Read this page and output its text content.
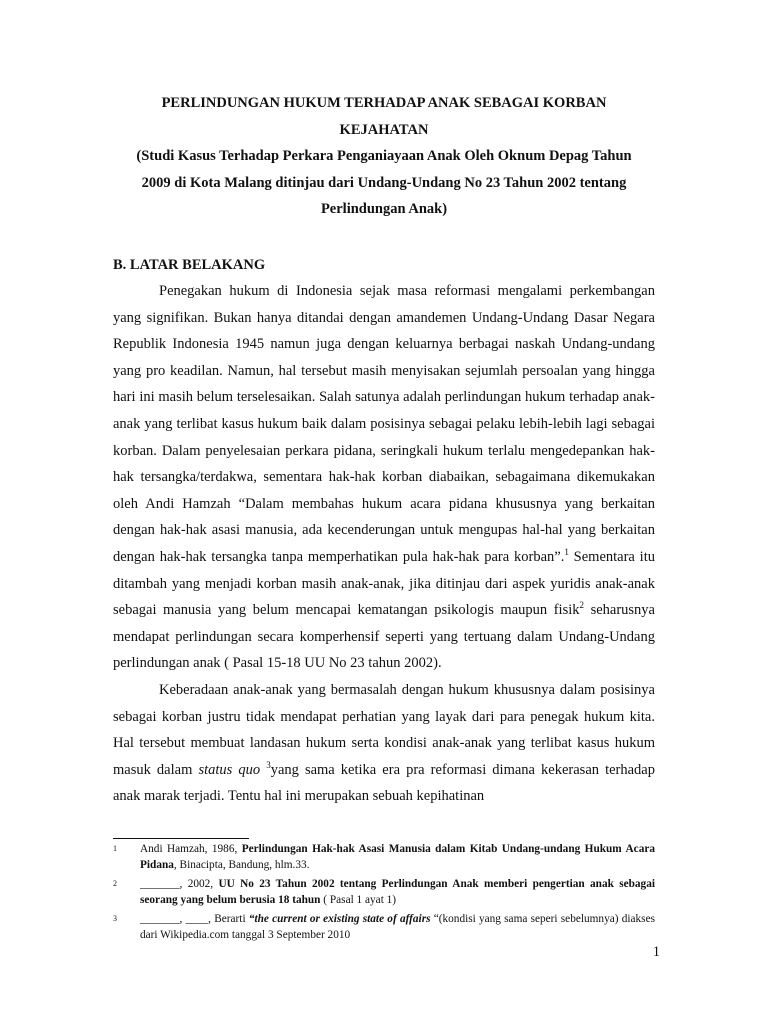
PERLINDUNGAN HUKUM TERHADAP ANAK SEBAGAI KORBAN
KEJAHATAN
(Studi Kasus Terhadap Perkara Penganiayaan Anak Oleh Oknum Depag Tahun
2009 di Kota Malang ditinjau dari Undang-Undang No 23 Tahun 2002 tentang
Perlindungan Anak)
B. LATAR BELAKANG

Penegakan hukum di Indonesia sejak masa reformasi mengalami perkembangan yang signifikan. Bukan hanya ditandai dengan amandemen Undang-Undang Dasar Negara Republik Indonesia 1945 namun juga dengan keluarnya berbagai naskah Undang-undang yang pro keadilan. Namun, hal tersebut masih menyisakan sejumlah persoalan yang hingga hari ini masih belum terselesaikan. Salah satunya adalah perlindungan hukum terhadap anak-anak yang terlibat kasus hukum baik dalam posisinya sebagai pelaku lebih-lebih lagi sebagai korban. Dalam penyelesaian perkara pidana, seringkali hukum terlalu mengedepankan hak-hak tersangka/terdakwa, sementara hak-hak korban diabaikan, sebagaimana dikemukakan oleh Andi Hamzah “Dalam membahas hukum acara pidana khususnya yang berkaitan dengan hak-hak asasi manusia, ada kecenderungan untuk mengupas hal-hal yang berkaitan dengan hak-hak tersangka tanpa memperhatikan pula hak-hak para korban”.$^1$ Sementara itu ditambah yang menjadi korban masih anak-anak, jika ditinjau dari aspek yuridis anak-anak sebagai manusia yang belum mencapai kematangan psikologis maupun fisik$^2$ seharusnya mendapat perlindungan secara komperhensif seperti yang tertuang dalam Undang-Undang perlindungan anak ( Pasal 15-18 UU No 23 tahun 2002).

Keberadaan anak-anak yang bermasalah dengan hukum khususnya dalam posisinya sebagai korban justru tidak mendapat perhatian yang layak dari para penegak hukum kita. Hal tersebut membuat landasan hukum serta kondisi anak-anak yang terlibat kasus hukum masuk dalam status quo $^3$yang sama ketika era pra reformasi dimana kekerasan terhadap anak marak terjadi. Tentu hal ini merupakan sebuah kepihatinan

1 Andi Hamzah, 1986, Perlindungan Hak-hak Asasi Manusia dalam Kitab Undang-undang Hukum Acara Pidana, Binacipta, Bandung, hlm.33.
2 _______, 2002, UU No 23 Tahun 2002 tentang Perlindungan Anak memberi pengertian anak sebagai seorang yang belum berusia 18 tahun ( Pasal 1 ayat 1)
3 _______, ____, Berarti “the current or existing state of affairs “(kondisi yang sama seperi sebelumnya) diakses dari Wikipedia.com tanggal 3 September 2010
1
